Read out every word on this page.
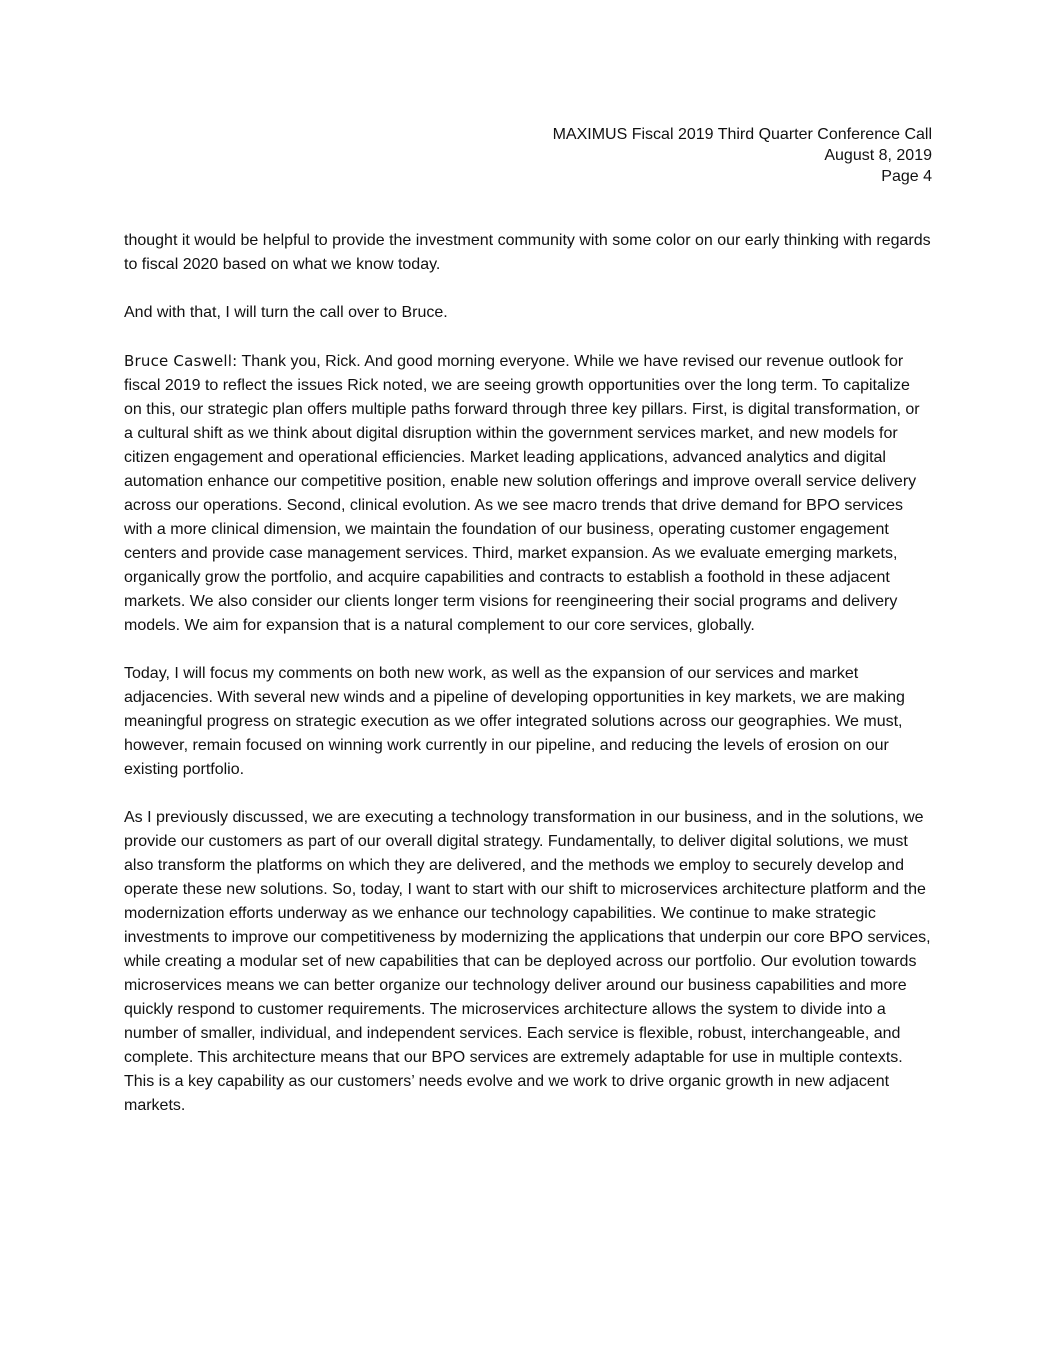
MAXIMUS Fiscal 2019 Third Quarter Conference Call
August 8, 2019
Page 4

thought it would be helpful to provide the investment community with some color on our early thinking with regards to fiscal 2020 based on what we know today.

And with that, I will turn the call over to Bruce.

Bruce Caswell: Thank you, Rick. And good morning everyone. While we have revised our revenue outlook for fiscal 2019 to reflect the issues Rick noted, we are seeing growth opportunities over the long term. To capitalize on this, our strategic plan offers multiple paths forward through three key pillars. First, is digital transformation, or a cultural shift as we think about digital disruption within the government services market, and new models for citizen engagement and operational efficiencies. Market leading applications, advanced analytics and digital automation enhance our competitive position, enable new solution offerings and improve overall service delivery across our operations. Second, clinical evolution. As we see macro trends that drive demand for BPO services with a more clinical dimension, we maintain the foundation of our business, operating customer engagement centers and provide case management services. Third, market expansion. As we evaluate emerging markets, organically grow the portfolio, and acquire capabilities and contracts to establish a foothold in these adjacent markets. We also consider our clients longer term visions for reengineering their social programs and delivery models. We aim for expansion that is a natural complement to our core services, globally.

Today, I will focus my comments on both new work, as well as the expansion of our services and market adjacencies. With several new winds and a pipeline of developing opportunities in key markets, we are making meaningful progress on strategic execution as we offer integrated solutions across our geographies. We must, however, remain focused on winning work currently in our pipeline, and reducing the levels of erosion on our existing portfolio.

As I previously discussed, we are executing a technology transformation in our business, and in the solutions, we provide our customers as part of our overall digital strategy. Fundamentally, to deliver digital solutions, we must also transform the platforms on which they are delivered, and the methods we employ to securely develop and operate these new solutions. So, today, I want to start with our shift to microservices architecture platform and the modernization efforts underway as we enhance our technology capabilities. We continue to make strategic investments to improve our competitiveness by modernizing the applications that underpin our core BPO services, while creating a modular set of new capabilities that can be deployed across our portfolio. Our evolution towards microservices means we can better organize our technology deliver around our business capabilities and more quickly respond to customer requirements. The microservices architecture allows the system to divide into a number of smaller, individual, and independent services. Each service is flexible, robust, interchangeable, and complete. This architecture means that our BPO services are extremely adaptable for use in multiple contexts. This is a key capability as our customers’ needs evolve and we work to drive organic growth in new adjacent markets.
